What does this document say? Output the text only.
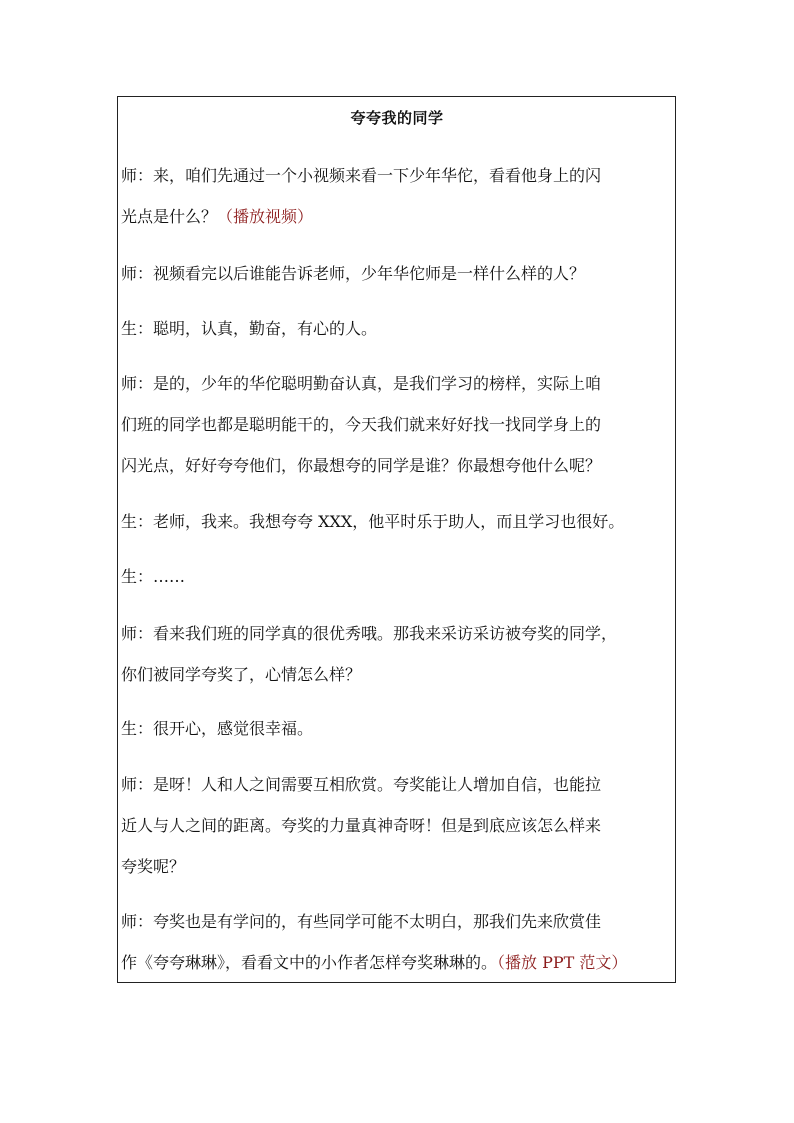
夸夸我的同学
师：来，咱们先通过一个小视频来看一下少年华佗，看看他身上的闪
光点是什么？（播放视频）
师：视频看完以后谁能告诉老师，少年华佗师是一样什么样的人？
生：聪明，认真，勤奋，有心的人。
师：是的，少年的华佗聪明勤奋认真，是我们学习的榜样，实际上咱
们班的同学也都是聪明能干的，今天我们就来好好找一找同学身上的
闪光点，好好夸夸他们，你最想夸的同学是谁？你最想夸他什么呢？
生：老师，我来。我想夸夸 XXX，他平时乐于助人，而且学习也很好。
生：……
师：看来我们班的同学真的很优秀哦。那我来采访采访被夸奖的同学，
你们被同学夸奖了，心情怎么样？
生：很开心，感觉很幸福。
师：是呀！人和人之间需要互相欣赏。夸奖能让人增加自信，也能拉
近人与人之间的距离。夸奖的力量真神奇呀！但是到底应该怎么样来
夸奖呢？
师：夸奖也是有学问的，有些同学可能不太明白，那我们先来欣赏佳
作《夸夸琳琳》，看看文中的小作者怎样夸奖琳琳的。（播放 PPT 范文）
